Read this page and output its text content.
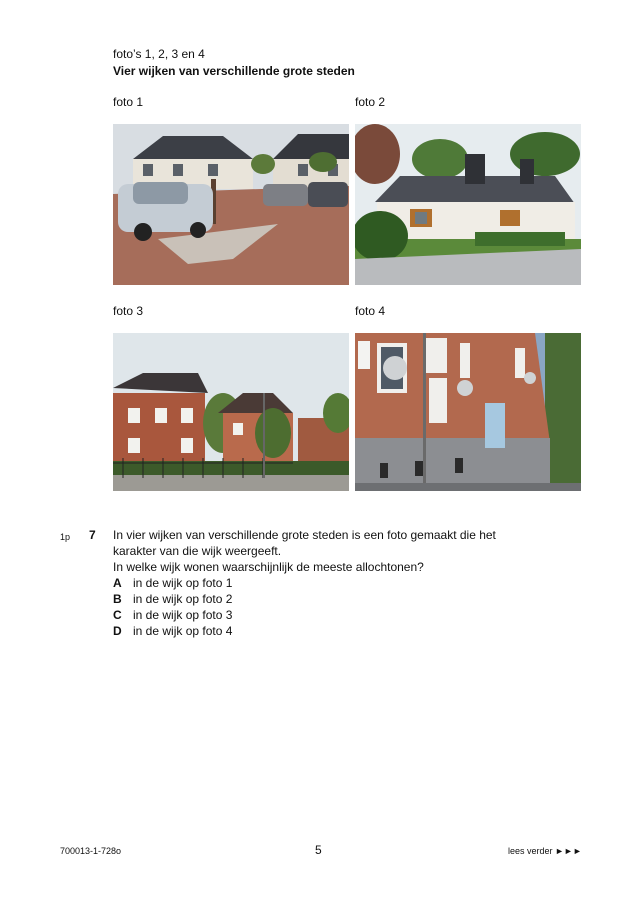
foto’s 1, 2, 3 en 4
Vier wijken van verschillende grote steden
foto 1	foto 2
foto 3	foto 4
1p 7 In vier wijken van verschillende grote steden is een foto gemaakt die het
karakter van die wijk weergeeft.
In welke wijk wonen waarschijnlijk de meeste allochtonen?
A in de wijk op foto 1
B in de wijk op foto 2
C in de wijk op foto 3
D in de wijk op foto 4
700013-1-728o	5	lees verder ►►►
